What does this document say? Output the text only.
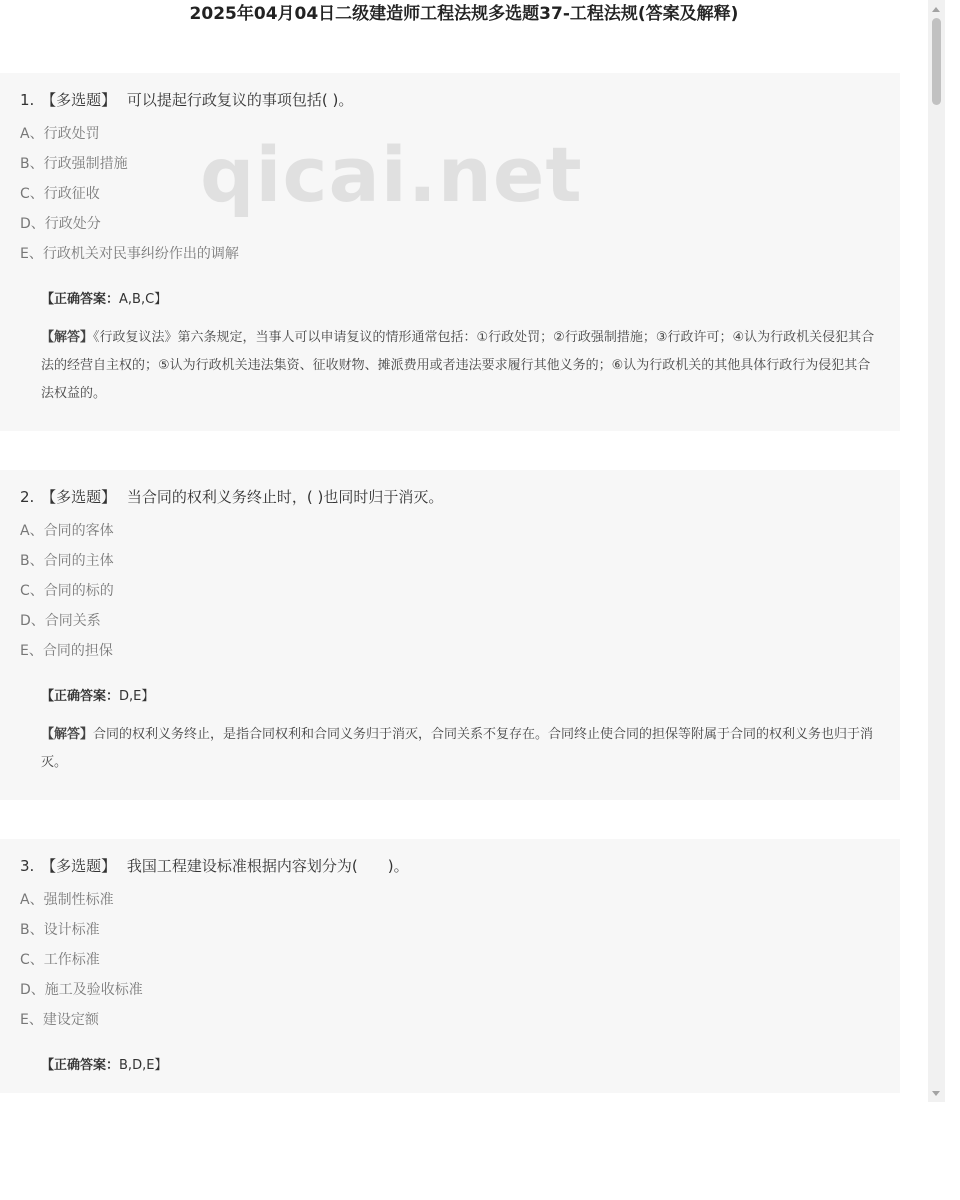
2025年04月04日二级建造师工程法规多选题37-工程法规(答案及解释)
1. 【多选题】 可以提起行政复议的事项包括( )。
A、行政处罚
B、行政强制措施
C、行政征收
D、行政处分
E、行政机关对民事纠纷作出的调解
【正确答案：A,B,C】
【解答】《行政复议法》第六条规定，当事人可以申请复议的情形通常包括：①行政处罚；②行政强制措施；③行政许可；④认为行政机关侵犯其合法的经营自主权的；⑤认为行政机关违法集资、征收财物、摊派费用或者违法要求履行其他义务的；⑥认为行政机关的其他具体行政行为侵犯其合法权益的。
2. 【多选题】 当合同的权利义务终止时，( )也同时归于消灭。
A、合同的客体
B、合同的主体
C、合同的标的
D、合同关系
E、合同的担保
【正确答案：D,E】
【解答】合同的权利义务终止，是指合同权利和合同义务归于消灭，合同关系不复存在。合同终止使合同的担保等附属于合同的权利义务也归于消灭。
3. 【多选题】 我国工程建设标准根据内容划分为(　　)。
A、强制性标准
B、设计标准
C、工作标准
D、施工及验收标准
E、建设定额
【正确答案：B,D,E】
